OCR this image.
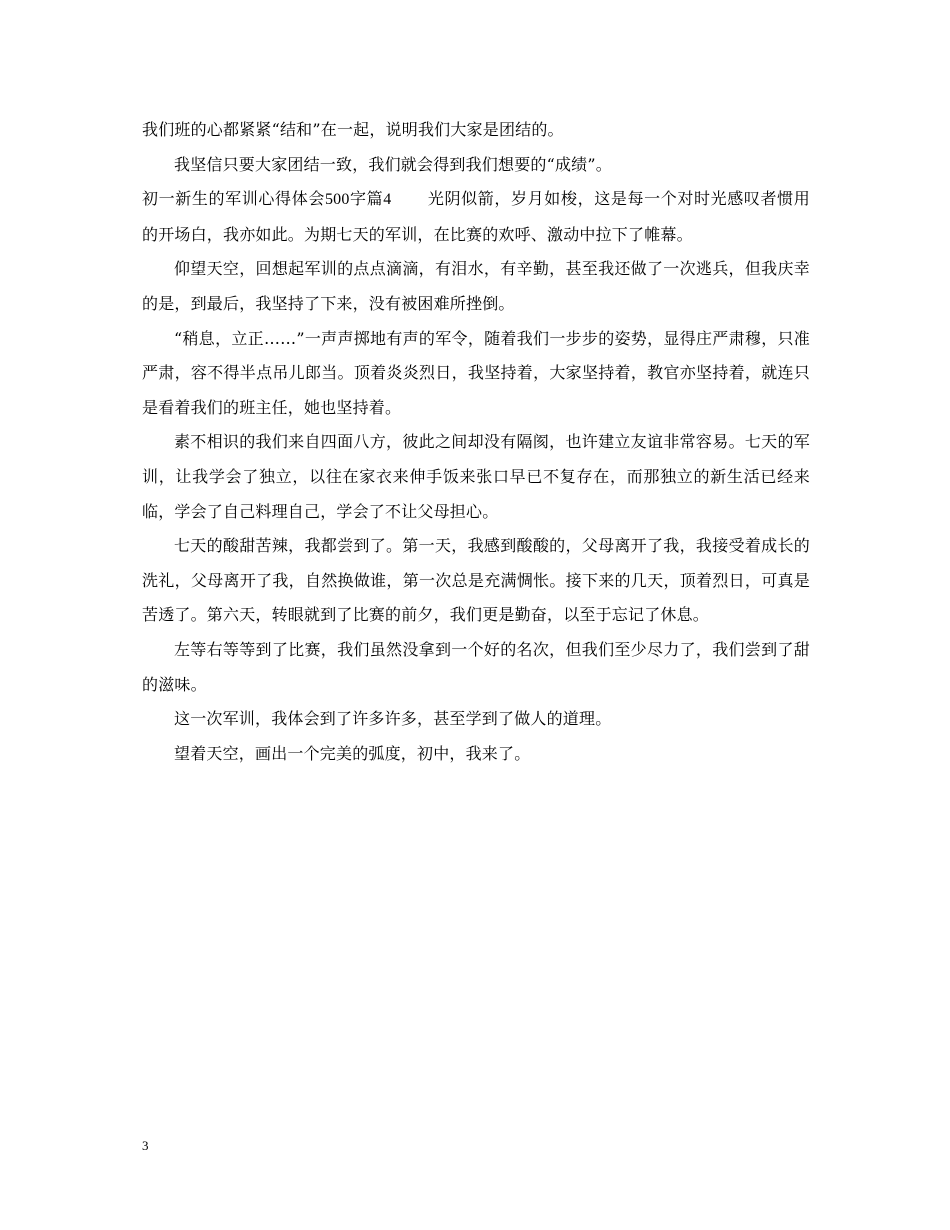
我们班的心都紧紧“结和”在一起，说明我们大家是团结的。

我坚信只要大家团结一致，我们就会得到我们想要的“成绩”。

初一新生的军训心得体会500字篇4 光阴似箭，岁月如梭，这是每一个对时光感叹者惯用的开场白，我亦如此。为期七天的军训，在比赛的欢呼、激动中拉下了帷幕。

仰望天空，回想起军训的点点滴滴，有泪水，有辛勤，甚至我还做了一次逃兵，但我庆幸的是，到最后，我坚持了下来，没有被困难所挫倒。

“稍息，立正……”一声声掷地有声的军令，随着我们一步步的姿势，显得庄严肃穆，只准严肃，容不得半点吊儿郎当。顶着炎炎烈日，我坚持着，大家坚持着，教官亦坚持着，就连只是看着我们的班主任，她也坚持着。

素不相识的我们来自四面八方，彼此之间却没有隔阂，也许建立友谊非常容易。七天的军训，让我学会了独立，以往在家衣来伸手饭来张口早已不复存在，而那独立的新生活已经来临，学会了自己料理自己，学会了不让父母担心。

七天的酸甜苦辣，我都尝到了。第一天，我感到酸酸的，父母离开了我，我接受着成长的洗礼，父母离开了我，自然换做谁，第一次总是充满惆怅。接下来的几天，顶着烈日，可真是苦透了。第六天，转眼就到了比赛的前夕，我们更是勤奋，以至于忘记了休息。

左等右等等到了比赛，我们虽然没拿到一个好的名次，但我们至少尽力了，我们尝到了甜的滋味。

这一次军训，我体会到了许多许多，甚至学到了做人的道理。

望着天空，画出一个完美的弧度，初中，我来了。

3
